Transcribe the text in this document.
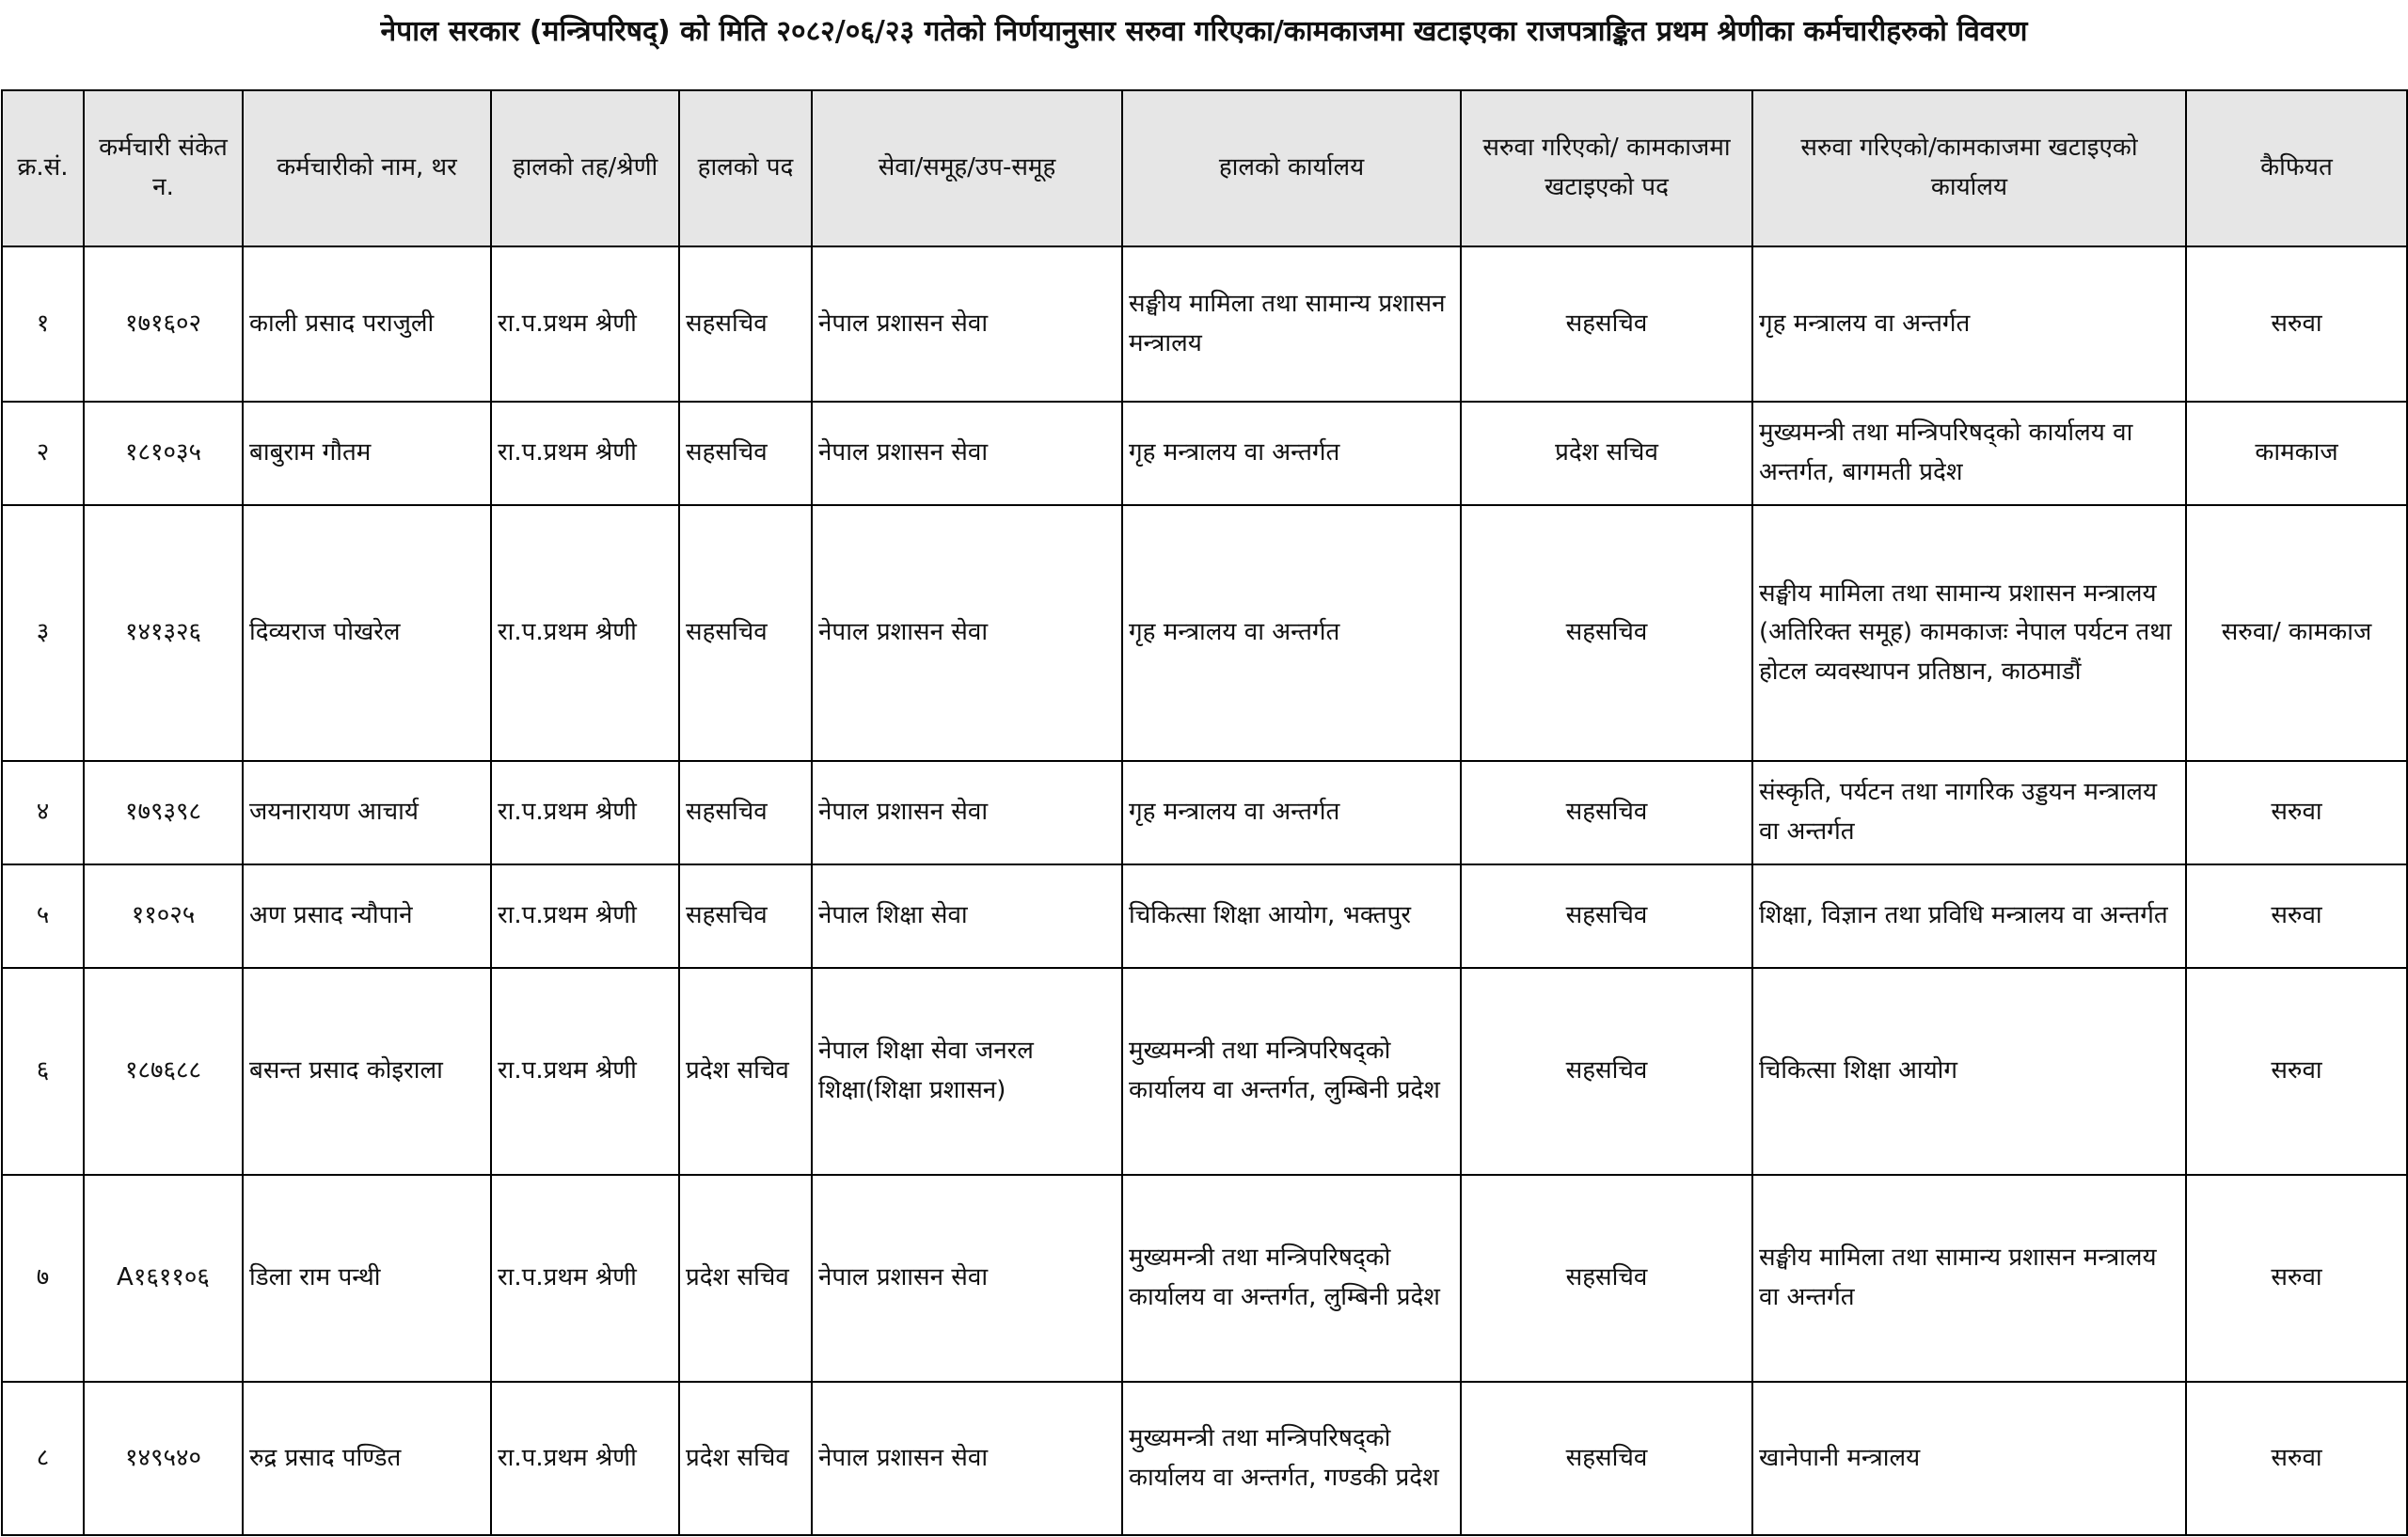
नेपाल सरकार (मन्त्रिपरिषद्) को मिति २०८२/०६/२३ गतेको निर्णयानुसार सरुवा गरिएका/कामकाजमा खटाइएका राजपत्राङ्कित प्रथम श्रेणीका कर्मचारीहरुको विवरण
क्र.सं.	कर्मचारी संकेत न.	कर्मचारीको नाम, थर	हालको तह/श्रेणी	हालको पद	सेवा/समूह/उप-समूह	हालको कार्यालय	सरुवा गरिएको/ कामकाजमा खटाइएको पद	सरुवा गरिएको/कामकाजमा खटाइएको कार्यालय	कैफियत
१	१७१६०२	काली प्रसाद पराजुली	रा.प.प्रथम श्रेणी	सहसचिव	नेपाल प्रशासन सेवा	सङ्घीय मामिला तथा सामान्य प्रशासन मन्त्रालय	सहसचिव	गृह मन्त्रालय वा अन्तर्गत	सरुवा
२	१८१०३५	बाबुराम गौतम	रा.प.प्रथम श्रेणी	सहसचिव	नेपाल प्रशासन सेवा	गृह मन्त्रालय वा अन्तर्गत	प्रदेश सचिव	मुख्यमन्त्री तथा मन्त्रिपरिषद्को कार्यालय वा अन्तर्गत, बागमती प्रदेश	कामकाज
३	१४१३२६	दिव्यराज पोखरेल	रा.प.प्रथम श्रेणी	सहसचिव	नेपाल प्रशासन सेवा	गृह मन्त्रालय वा अन्तर्गत	सहसचिव	सङ्घीय मामिला तथा सामान्य प्रशासन मन्त्रालय (अतिरिक्त समूह) कामकाजः नेपाल पर्यटन तथा होटल व्यवस्थापन प्रतिष्ठान, काठमाडौं	सरुवा/ कामकाज
४	१७९३९८	जयनारायण आचार्य	रा.प.प्रथम श्रेणी	सहसचिव	नेपाल प्रशासन सेवा	गृह मन्त्रालय वा अन्तर्गत	सहसचिव	संस्कृति, पर्यटन तथा नागरिक उड्डयन मन्त्रालय वा अन्तर्गत	सरुवा
५	११०२५	अण प्रसाद न्यौपाने	रा.प.प्रथम श्रेणी	सहसचिव	नेपाल शिक्षा सेवा	चिकित्सा शिक्षा आयोग, भक्तपुर	सहसचिव	शिक्षा, विज्ञान तथा प्रविधि मन्त्रालय वा अन्तर्गत	सरुवा
६	१८७६८८	बसन्त प्रसाद कोइराला	रा.प.प्रथम श्रेणी	प्रदेश सचिव	नेपाल शिक्षा सेवा जनरल शिक्षा(शिक्षा प्रशासन)	मुख्यमन्त्री तथा मन्त्रिपरिषद्को कार्यालय वा अन्तर्गत, लुम्बिनी प्रदेश	सहसचिव	चिकित्सा शिक्षा आयोग	सरुवा
७	A१६११०६	डिला राम पन्थी	रा.प.प्रथम श्रेणी	प्रदेश सचिव	नेपाल प्रशासन सेवा	मुख्यमन्त्री तथा मन्त्रिपरिषद्को कार्यालय वा अन्तर्गत, लुम्बिनी प्रदेश	सहसचिव	सङ्घीय मामिला तथा सामान्य प्रशासन मन्त्रालय वा अन्तर्गत	सरुवा
८	१४९५४०	रुद्र प्रसाद पण्डित	रा.प.प्रथम श्रेणी	प्रदेश सचिव	नेपाल प्रशासन सेवा	मुख्यमन्त्री तथा मन्त्रिपरिषद्को कार्यालय वा अन्तर्गत, गण्डकी प्रदेश	सहसचिव	खानेपानी मन्त्रालय	सरुवा
